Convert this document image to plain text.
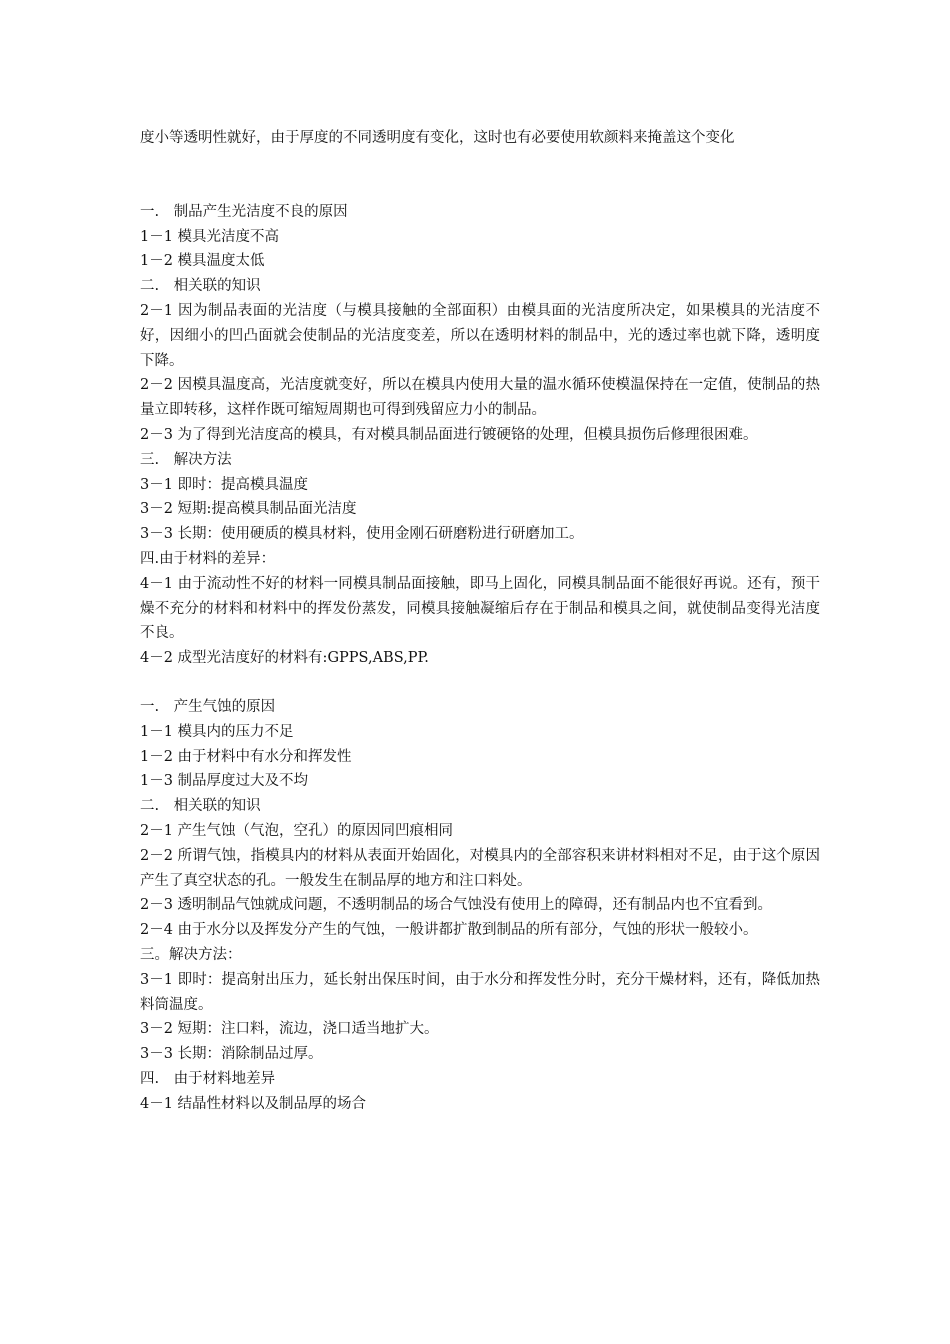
度小等透明性就好，由于厚度的不同透明度有变化，这时也有必要使用软颜料来掩盖这个变化

一.　制品产生光洁度不良的原因

1－1 模具光洁度不高

1－2 模具温度太低

二.　相关联的知识

2－1 因为制品表面的光洁度（与模具接触的全部面积）由模具面的光洁度所决定，如果模具的光洁度不好，因细小的凹凸面就会使制品的光洁度变差，所以在透明材料的制品中，光的透过率也就下降，透明度下降。

2－2 因模具温度高，光洁度就变好，所以在模具内使用大量的温水循环使模温保持在一定值，使制品的热量立即转移，这样作既可缩短周期也可得到残留应力小的制品。

2－3 为了得到光洁度高的模具，有对模具制品面进行镀硬铬的处理，但模具损伤后修理很困难。

三.　解决方法

3－1 即时：提高模具温度

3－2 短期:提高模具制品面光洁度

3－3 长期：使用硬质的模具材料，使用金刚石研磨粉进行研磨加工。

四.由于材料的差异：

4－1 由于流动性不好的材料一同模具制品面接触，即马上固化，同模具制品面不能很好再说。还有，预干燥不充分的材料和材料中的挥发份蒸发，同模具接触凝缩后存在于制品和模具之间，就使制品变得光洁度不良。

4－2 成型光洁度好的材料有:GPPS,ABS,PP.

一.　产生气蚀的原因

1－1 模具内的压力不足

1－2 由于材料中有水分和挥发性

1－3 制品厚度过大及不均

二.　相关联的知识

2－1 产生气蚀（气泡，空孔）的原因同凹痕相同

2－2 所谓气蚀，指模具内的材料从表面开始固化，对模具内的全部容积来讲材料相对不足，由于这个原因产生了真空状态的孔。一般发生在制品厚的地方和注口料处。

2－3 透明制品气蚀就成问题，不透明制品的场合气蚀没有使用上的障碍，还有制品内也不宜看到。

2－4 由于水分以及挥发分产生的气蚀，一般讲都扩散到制品的所有部分，气蚀的形状一般较小。

三。解决方法：

3－1 即时：提高射出压力，延长射出保压时间，由于水分和挥发性分时，充分干燥材料，还有，降低加热料筒温度。

3－2 短期：注口料，流边，浇口适当地扩大。

3－3 长期：消除制品过厚。

四.　由于材料地差异

4－1 结晶性材料以及制品厚的场合
